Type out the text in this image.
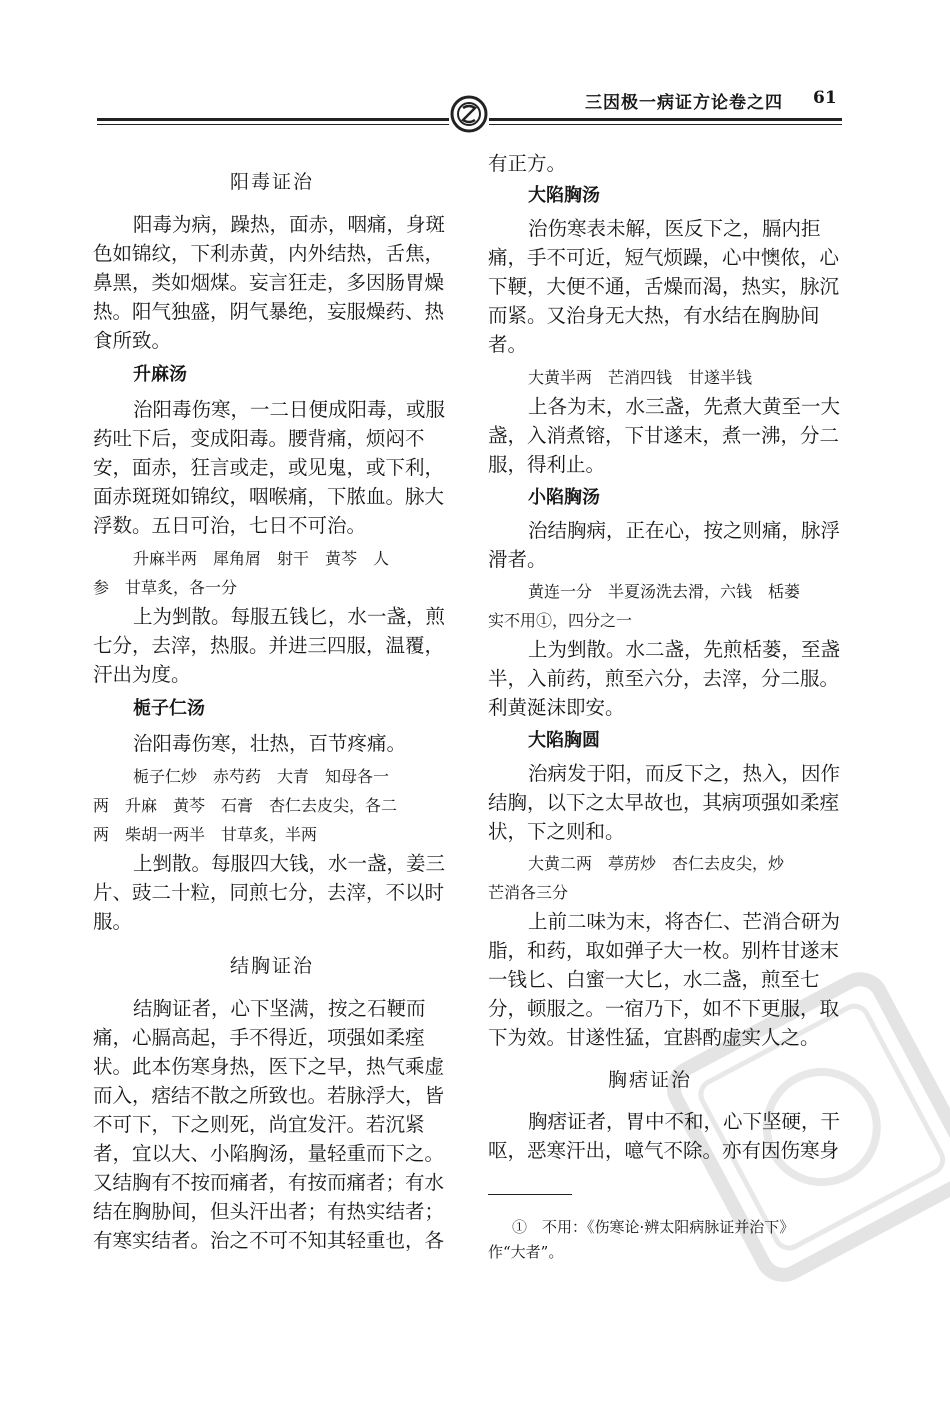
三因极一病证方论卷之四	61
阳毒证治
阳毒为病，躁热，面赤，咽痛，身斑
色如锦纹，下利赤黄，内外结热，舌焦，
鼻黑，类如烟煤。妄言狂走，多因肠胃燥
热。阳气独盛，阴气暴绝，妄服燥药、热
食所致。
升麻汤
治阳毒伤寒，一二日便成阳毒，或服
药吐下后，变成阳毒。腰背痛，烦闷不
安，面赤，狂言或走，或见鬼，或下利，
面赤斑斑如锦纹，咽喉痛，下脓血。脉大
浮数。五日可治，七日不可治。
升麻半两　犀角屑　射干　黄芩　人
参　甘草炙，各一分
上为剉散。每服五钱匕，水一盏，煎
七分，去滓，热服。并进三四服，温覆，
汗出为度。
栀子仁汤
治阳毒伤寒，壮热，百节疼痛。
栀子仁炒　赤芍药　大青　知母各一
两　升麻　黄芩　石膏　杏仁去皮尖，各二
两　柴胡一两半　甘草炙，半两
上剉散。每服四大钱，水一盏，姜三
片、豉二十粒，同煎七分，去滓，不以时
服。
结胸证治
结胸证者，心下坚满，按之石鞕而
痛，心膈高起，手不得近，项强如柔痓
状。此本伤寒身热，医下之早，热气乘虚
而入，痞结不散之所致也。若脉浮大，皆
不可下，下之则死，尚宜发汗。若沉紧
者，宜以大、小陷胸汤，量轻重而下之。
又结胸有不按而痛者，有按而痛者；有水
结在胸胁间，但头汗出者；有热实结者；
有寒实结者。治之不可不知其轻重也，各
有正方。
大陷胸汤
治伤寒表未解，医反下之，膈内拒
痛，手不可近，短气烦躁，心中懊侬，心
下鞕，大便不通，舌燥而渴，热实，脉沉
而紧。又治身无大热，有水结在胸胁间
者。
大黄半两　芒消四钱　甘遂半钱
上各为末，水三盏，先煮大黄至一大
盏，入消煮镕，下甘遂末，煮一沸，分二
服，得利止。
小陷胸汤
治结胸病，正在心，按之则痛，脉浮
滑者。
黄连一分　半夏汤洗去滑，六钱　栝蒌
实不用①，四分之一
上为剉散。水二盏，先煎栝蒌，至盏
半，入前药，煎至六分，去滓，分二服。
利黄涎沫即安。
大陷胸圆
治病发于阳，而反下之，热入，因作
结胸，以下之太早故也，其病项强如柔痓
状，下之则和。
大黄二两　葶苈炒　杏仁去皮尖，炒
芒消各三分
上前二味为末，将杏仁、芒消合研为
脂，和药，取如弹子大一枚。别杵甘遂末
一钱匕、白蜜一大匕，水二盏，煎至七
分，顿服之。一宿乃下，如不下更服，取
下为效。甘遂性猛，宜斟酌虚实人之。
胸痞证治
胸痞证者，胃中不和，心下坚硬，干
呕，恶寒汗出，噫气不除。亦有因伤寒身
①　不用：《伤寒论·辨太阳病脉证并治下》
作“大者”。
